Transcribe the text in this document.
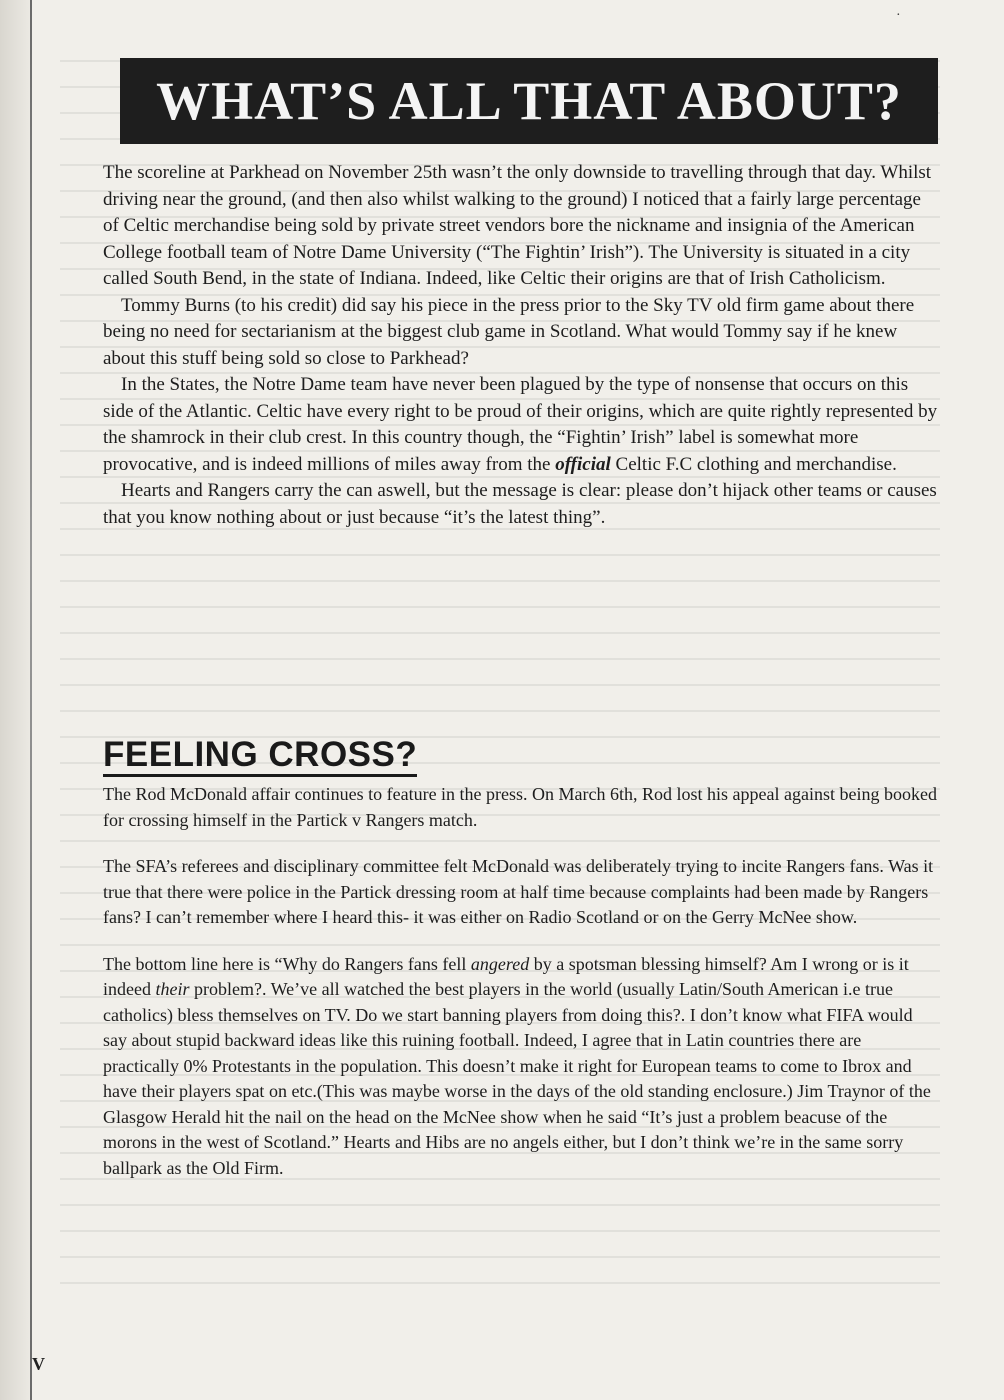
·
WHAT’S ALL THAT ABOUT?

The scoreline at Parkhead on November 25th wasn’t the only downside to travelling through that day. Whilst driving near the ground, (and then also whilst walking to the ground) I noticed that a fairly large percentage of Celtic merchandise being sold by private street vendors bore the nickname and insignia of the American College football team of Notre Dame University (“The Fightin’ Irish”). The University is situated in a city called South Bend, in the state of Indiana. Indeed, like Celtic their origins are that of Irish Catholicism.

Tommy Burns (to his credit) did say his piece in the press prior to the Sky TV old firm game about there being no need for sectarianism at the biggest club game in Scotland. What would Tommy say if he knew about this stuff being sold so close to Parkhead?

In the States, the Notre Dame team have never been plagued by the type of nonsense that occurs on this side of the Atlantic. Celtic have every right to be proud of their origins, which are quite rightly represented by the shamrock in their club crest. In this country though, the “Fightin’ Irish” label is somewhat more provocative, and is indeed millions of miles away from the official Celtic F.C clothing and merchandise.

Hearts and Rangers carry the can aswell, but the message is clear: please don’t hijack other teams or causes that you know nothing about or just because “it’s the latest thing”.

FEELING CROSS?

The Rod McDonald affair continues to feature in the press. On March 6th, Rod lost his appeal against being booked for crossing himself in the Partick v Rangers match.

The SFA’s referees and disciplinary committee felt McDonald was deliberately trying to incite Rangers fans. Was it true that there were police in the Partick dressing room at half time because complaints had been made by Rangers fans? I can’t remember where I heard this- it was either on Radio Scotland or on the Gerry McNee show.

The bottom line here is “Why do Rangers fans fell angered by a spotsman blessing himself? Am I wrong or is it indeed their problem?. We’ve all watched the best players in the world (usually Latin/South American i.e true catholics) bless themselves on TV. Do we start banning players from doing this?. I don’t know what FIFA would say about stupid backward ideas like this ruining football. Indeed, I agree that in Latin countries there are practically 0% Protestants in the population. This doesn’t make it right for European teams to come to Ibrox and have their players spat on etc.(This was maybe worse in the days of the old standing enclosure.) Jim Traynor of the Glasgow Herald hit the nail on the head on the McNee show when he said “It’s just a problem beacuse of the morons in the west of Scotland.” Hearts and Hibs are no angels either, but I don’t think we’re in the same sorry ballpark as the Old Firm.

V
